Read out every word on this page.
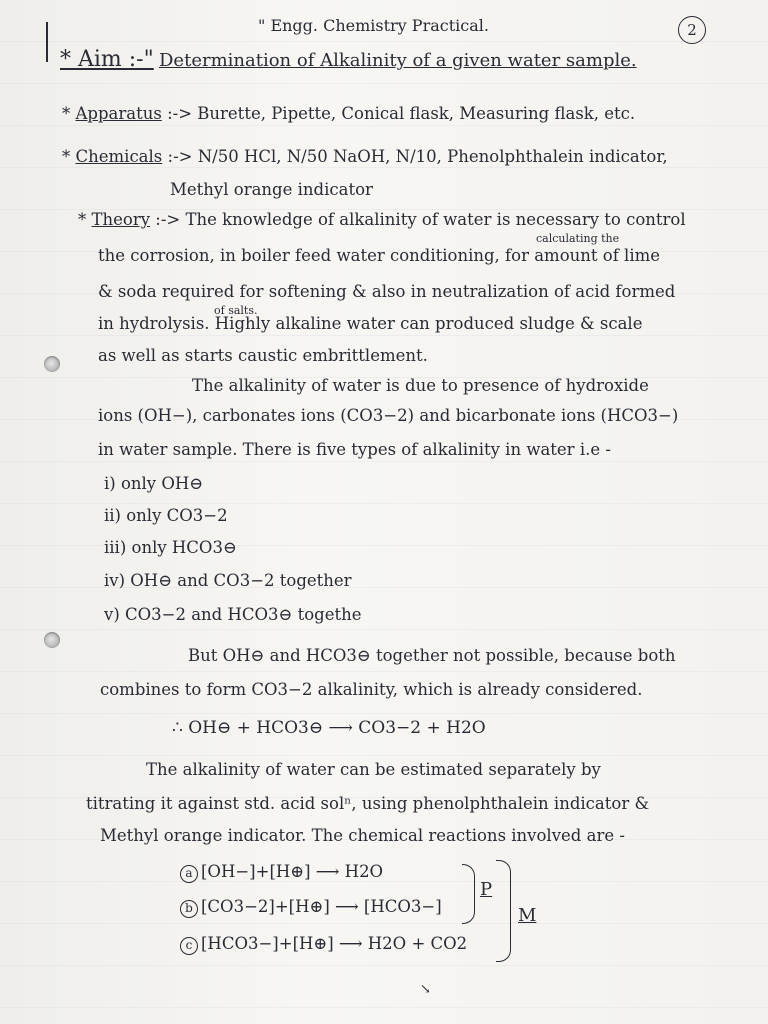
2
" Engg. Chemistry Practical.
* Aim :-" Determination of Alkalinity of a given water sample.
* Apparatus :-> Burette, Pipette, Conical flask, Measuring flask, etc.
* Chemicals :-> N/50 HCl, N/50 NaOH, N/10, Phenolphthalein indicator,
Methyl orange indicator
* Theory :-> The knowledge of alkalinity of water is necessary to control
calculating the
the corrosion, in boiler feed water conditioning, for amount of lime
& soda required for softening & also in neutralization of acid formed
of salts.
in hydrolysis. Highly alkaline water can produced sludge & scale
as well as starts caustic embrittlement.
The alkalinity of water is due to presence of hydroxide
ions (OH−), carbonates ions (CO3−2) and bicarbonate ions (HCO3−)
in water sample. There is five types of alkalinity in water i.e -
i) only OH⊖
ii) only CO3−2
iii) only HCO3⊖
iv) OH⊖ and CO3−2 together
v) CO3−2 and HCO3⊖ togethe
But OH⊖ and HCO3⊖ together not possible, because both
combines to form CO3−2 alkalinity, which is already considered.
∴ OH⊖ + HCO3⊖ ⟶ CO3−2 + H2O
The alkalinity of water can be estimated separately by
titrating it against std. acid solⁿ, using phenolphthalein indicator &
Methyl orange indicator. The chemical reactions involved are -
a [OH−]+[H⊕] ⟶ H2O
b [CO3−2]+[H⊕] ⟶ [HCO3−]
c [HCO3−]+[H⊕] ⟶ H2O + CO2
P
M
↘
